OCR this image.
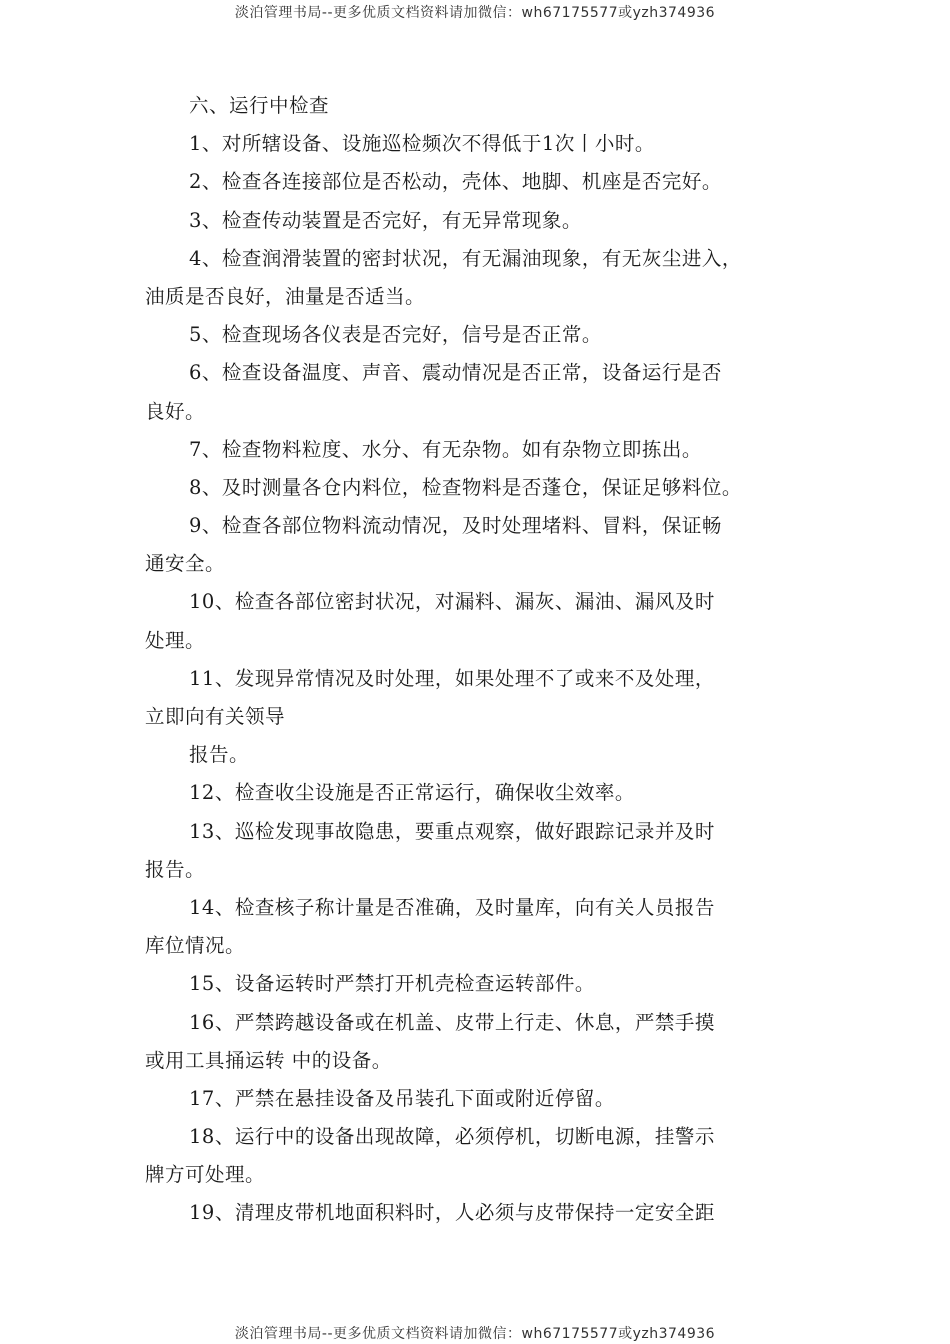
淡泊管理书局--更多优质文档资料请加微信：wh67175577或yzh374936
六、运行中检查
1、对所辖设备、设施巡检频次不得低于1次丨小时。
2、检查各连接部位是否松动，壳体、地脚、机座是否完好。
3、检查传动装置是否完好，有无异常现象。
4、检查润滑装置的密封状况，有无漏油现象，有无灰尘进入，
油质是否良好，油量是否适当。
5、检查现场各仪表是否完好，信号是否正常。
6、检查设备温度、声音、震动情况是否正常，设备运行是否
良好。
7、检查物料粒度、水分、有无杂物。如有杂物立即拣出。
8、及时测量各仓内料位，检查物料是否蓬仓，保证足够料位。
9、检查各部位物料流动情况，及时处理堵料、冒料，保证畅
通安全。
10、检查各部位密封状况，对漏料、漏灰、漏油、漏风及时
处理。
11、发现异常情况及时处理，如果处理不了或来不及处理，
立即向有关领导
报告。
12、检查收尘设施是否正常运行，确保收尘效率。
13、巡检发现事故隐患，要重点观察，做好跟踪记录并及时
报告。
14、检查核子称计量是否准确，及时量库，向有关人员报告
库位情况。
15、设备运转时严禁打开机壳检查运转部件。
16、严禁跨越设备或在机盖、皮带上行走、休息，严禁手摸
或用工具捅运转 中的设备。
17、严禁在悬挂设备及吊装孔下面或附近停留。
18、运行中的设备出现故障，必须停机，切断电源，挂警示
牌方可处理。
19、清理皮带机地面积料时，人必须与皮带保持一定安全距
淡泊管理书局--更多优质文档资料请加微信：wh67175577或yzh374936
